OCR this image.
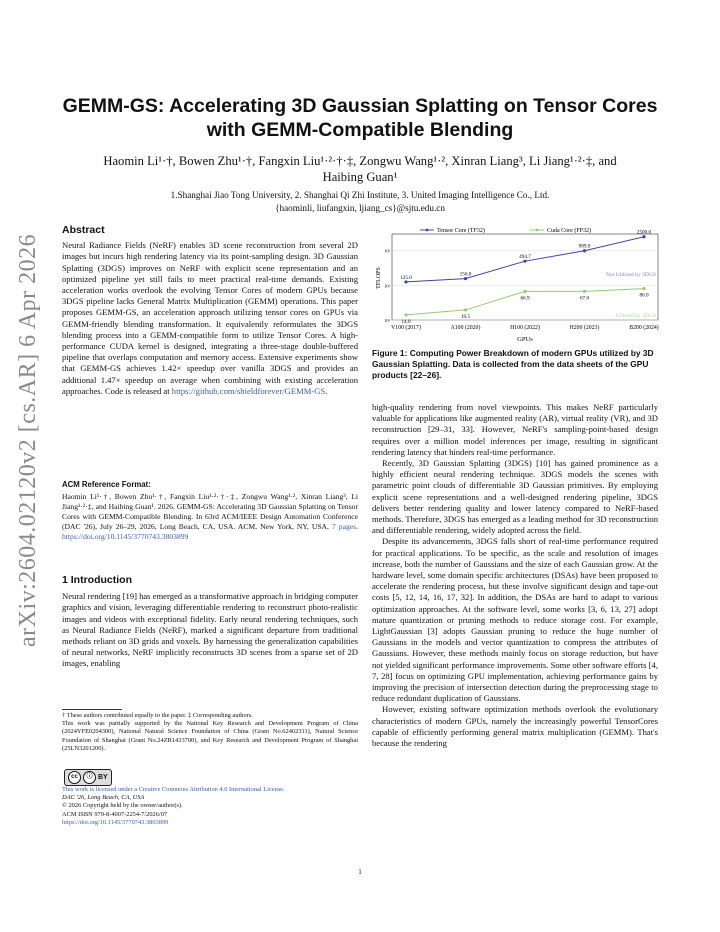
arXiv:2604.02120v2 [cs.AR] 6 Apr 2026
GEMM-GS: Accelerating 3D Gaussian Splatting on Tensor Cores
with GEMM-Compatible Blending
Haomin Li¹·†, Bowen Zhu¹·†, Fangxin Liu¹·²·†·‡, Zongwu Wang¹·², Xinran Liang³, Li Jiang¹·²·‡, and
Haibing Guan¹
1.Shanghai Jiao Tong University, 2. Shanghai Qi Zhi Institute, 3. United Imaging Intelligence Co., Ltd.
{haominli, liufangxin, ljiang_cs}@sjtu.edu.cn
Abstract

Neural Radiance Fields (NeRF) enables 3D scene reconstruction from several 2D images but incurs high rendering latency via its point-sampling design. 3D Gaussian Splatting (3DGS) improves on NeRF with explicit scene representation and an optimized pipeline yet still fails to meet practical real-time demands. Existing acceleration works overlook the evolving Tensor Cores of modern GPUs because 3DGS pipeline lacks General Matrix Multiplication (GEMM) operations. This paper proposes GEMM-GS, an acceleration approach utilizing tensor cores on GPUs via GEMM-friendly blending transformation. It equivalently reformulates the 3DGS blending process into a GEMM-compatible form to utilize Tensor Cores. A high-performance CUDA kernel is designed, integrating a three-stage double-buffered pipeline that overlaps computation and memory access. Extensive experiments show that GEMM-GS achieves 1.42× speedup over vanilla 3DGS and provides an additional 1.47× speedup on average when combining with existing acceleration approaches. Code is released at https://github.com/shieldforever/GEMM-GS.

ACM Reference Format:

Haomin Li¹·†, Bowen Zhu¹·†, Fangxin Liu¹·²·†·‡, Zongwu Wang¹·², Xinran Liang³, Li Jiang¹·²·‡, and Haibing Guan¹. 2026. GEMM-GS: Accelerating 3D Gaussian Splatting on Tensor Cores with GEMM-Compatible Blending. In 63rd ACM/IEEE Design Automation Conference (DAC '26), July 26–29, 2026, Long Beach, CA, USA. ACM, New York, NY, USA, 7 pages. https://doi.org/10.1145/3770743.3803899

1 Introduction

Neural rendering [19] has emerged as a transformative approach in bridging computer graphics and vision, leveraging differentiable rendering to reconstruct photo-realistic images and videos with exceptional fidelity. Early neural rendering techniques, such as Neural Radiance Fields (NeRF), marked a significant departure from traditional methods reliant on 3D grids and voxels. By harnessing the generalization capabilities of neural networks, NeRF implicitly reconstructs 3D scenes from a sparse set of 2D images, enabling

† These authors contributed equally to the paper. ‡ Corresponding authors.
This work was partially supported by the National Key Research and Development Program of China (2024YFE0204300), National Natural Science Foundation of China (Grant No.62402311), Natural Science Foundation of Shanghai (Grant No.24ZR1433700), and Key Research and Development Program of Shanghai (25LN3201200).
cc	ⓘ BY
This work is licensed under a Creative Commons Attribution 4.0 International License.
DAC '26, Long Beach, CA, USA
© 2026 Copyright held by the owner/author(s).
ACM ISBN 979-8-4007-2254-7/2026/07
https://doi.org/10.1145/3770743.3803899
Tensor Core (TF32)	Cuda Core (FP32)
10¹
10²
10³
TFLOPS
GPUs
125.0
156.0
494.7
989.0
2500.0
14.0
19.5
66.9	67.0	80.0
Not Utilized by 3DGS
Utilized by 3DGS
V100 (2017)	A100 (2020)	H100 (2022)	H200 (2023)	B200 (2024)
Figure 1: Computing Power Breakdown of modern GPUs utilized by 3D Gaussian Splatting. Data is collected from the data sheets of the GPU products [22–26].

high-quality rendering from novel viewpoints. This makes NeRF particularly valuable for applications like augmented reality (AR), virtual reality (VR), and 3D reconstruction [29–31, 33]. However, NeRF's sampling-point-based design requires over a million model inferences per image, resulting in significant rendering latency that hinders real-time performance.

Recently, 3D Gaussian Splatting (3DGS) [10] has gained prominence as a highly efficient neural rendering technique. 3DGS models the scenes with parametric point clouds of differentiable 3D Gaussian primitives. By employing explicit scene representations and a well-designed rendering pipeline, 3DGS delivers better rendering quality and lower latency compared to NeRF-based methods. Therefore, 3DGS has emerged as a leading method for 3D reconstruction and differentiable rendering, widely adopted across the field.

Despite its advancements, 3DGS falls short of real-time performance required for practical applications. To be specific, as the scale and resolution of images increase, both the number of Gaussians and the size of each Gaussian grow. At the hardware level, some domain specific architectures (DSAs) have been proposed to accelerate the rendering process, but these involve significant design and tape-out costs [5, 12, 14, 16, 17, 32]. In addition, the DSAs are hard to adapt to various optimization approaches. At the software level, some works [3, 6, 13, 27] adopt mature quantization or pruning methods to reduce storage cost. For example, LightGaussian [3] adopts Gaussian pruning to reduce the huge number of Gaussians in the models and vector quantization to compress the attributes of Gaussians. However, these methods mainly focus on storage reduction, but have not yielded significant performance improvements. Some other software efforts [4, 7, 28] focus on optimizing GPU implementation, achieving performance gains by improving the precision of intersection detection during the preprocessing stage to reduce redundant duplication of Gaussians.

However, existing software optimization methods overlook the evolutionary characteristics of modern GPUs, namely the increasingly powerful TensorCores capable of efficiently performing general matrix multiplication (GEMM). That's because the rendering

1
